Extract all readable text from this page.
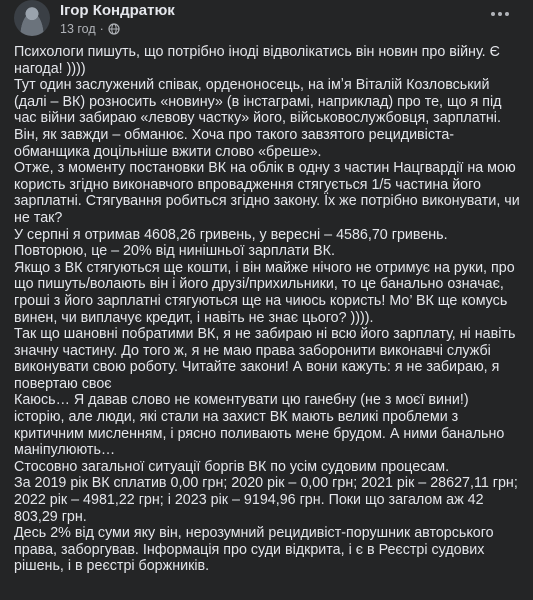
Ігор Кондратюк
13 год ·

Психологи пишуть, що потрібно іноді відволікатись він новин про війну. Є нагода! ))))

Тут один заслужений співак, орденоносець, на імʼя Віталій Козловський (далі – ВК) розносить «новину» (в інстаграмі, наприклад) про те, що я під час війни забираю «левову частку» його, військовослужбовця, зарплатні. Він, як завжди – обманює. Хоча про такого завзятого рецидивіста-обманщика доцільніше вжити слово «бреше».

Отже, з моменту постановки ВК на облік в одну з частин Нацгвардії на мою користь згідно виконавчого впровадження стягується 1/5 частина його зарплатні. Стягування робиться згідно закону. Їх же потрібно виконувати, чи не так?

У серпні я отримав 4608,26 гривень, у вересні – 4586,70 гривень.

Повторюю, це – 20% від нинішньої зарплати ВК.

Якщо з ВК стягуються ще кошти, і він майже нічого не отримує на руки, про що пишуть/волають він і його друзі/прихильники, то це банально означає, гроші з його зарплатні стягуються ще на чиюсь користь! Мо’ ВК ще комусь винен, чи виплачує кредит, і навіть не знає цього? )))).

Так що шановні побратими ВК, я не забираю ні всю його зарплату, ні навіть значну частину. До того ж, я не маю права заборонити виконавчі службі виконувати свою роботу. Читайте закони! А вони кажуть: я не забираю, я повертаю своє

Каюсь… Я давав слово не коментувати цю ганебну (не з моєї вини!) історію, але люди, які стали на захист ВК мають великі проблеми з критичним мисленням, і рясно поливають мене брудом. А ними банально маніпулюють…

Стосовно загальної ситуації боргів ВК по усім судовим процесам.

За 2019 рік ВК сплатив 0,00 грн; 2020 рік – 0,00 грн; 2021 рік – 28627,11 грн; 2022 рік – 4981,22 грн; і 2023 рік – 9194,96 грн. Поки що загалом аж 42 803,29 грн.

Десь 2% від суми яку він, нерозумний рецидивіст-порушник авторського права, заборгував. Інформація про суди відкрита, і є в Реєстрі судових рішень, і в реєстрі боржників.
